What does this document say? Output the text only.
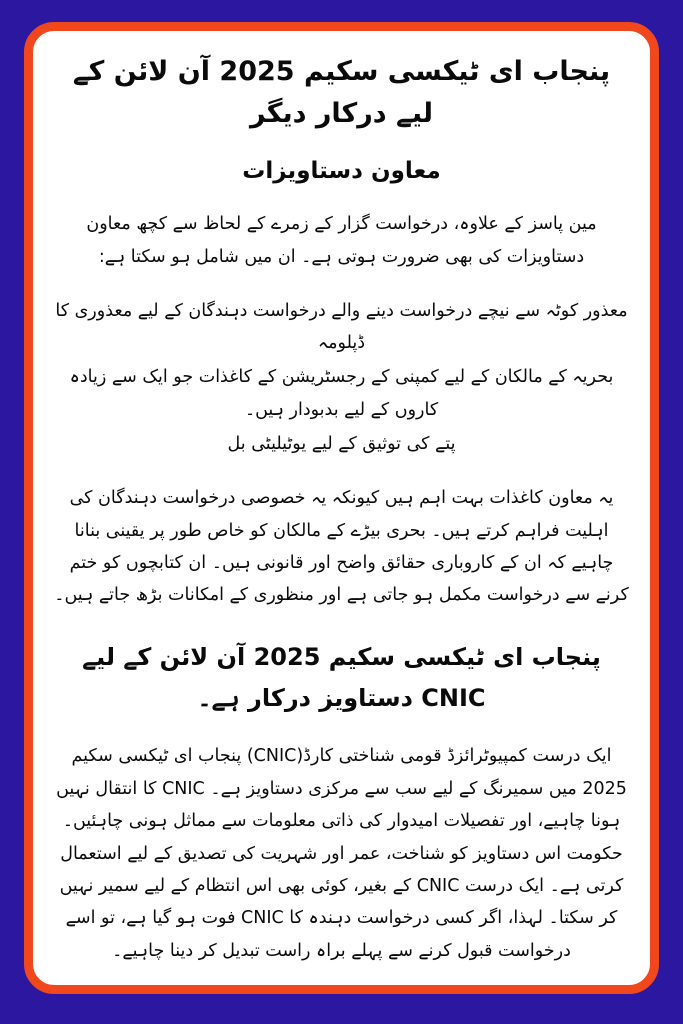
پنجاب ای ٹیکسی سکیم 2025 آن لائن کے لیے درکار دیگر
معاون دستاویزات

مین پاسز کے علاوہ، درخواست گزار کے زمرے کے لحاظ سے کچھ معاون دستاویزات کی بھی ضرورت ہوتی ہے۔ ان میں شامل ہو سکتا ہے:

معذور کوٹہ سے نیچے درخواست دینے والے درخواست دہندگان کے لیے معذوری کا ڈپلومہ
بحریہ کے مالکان کے لیے کمپنی کے رجسٹریشن کے کاغذات جو ایک سے زیادہ کاروں کے لیے بدبودار ہیں۔
پتے کی توثیق کے لیے یوٹیلیٹی بل

یہ معاون کاغذات بہت اہم ہیں کیونکہ یہ خصوصی درخواست دہندگان کی اہلیت فراہم کرتے ہیں۔ بحری بیڑے کے مالکان کو خاص طور پر یقینی بنانا چاہیے کہ ان کے کاروباری حقائق واضح اور قانونی ہیں۔ ان کتابچوں کو ختم کرنے سے درخواست مکمل ہو جاتی ہے اور منظوری کے امکانات بڑھ جاتے ہیں۔

پنجاب ای ٹیکسی سکیم 2025 آن لائن کے لیے CNIC دستاویز درکار ہے۔

ایک درست کمپیوٹرائزڈ قومی شناختی کارڈ(CNIC) پنجاب ای ٹیکسی سکیم 2025 میں سمیرنگ کے لیے سب سے مرکزی دستاویز ہے۔ CNIC کا انتقال نہیں ہونا چاہیے، اور تفصیلات امیدوار کی ذاتی معلومات سے مماثل ہونی چاہئیں۔ حکومت اس دستاویز کو شناخت، عمر اور شہریت کی تصدیق کے لیے استعمال کرتی ہے۔ ایک درست CNIC کے بغیر، کوئی بھی اس انتظام کے لیے سمیر نہیں کر سکتا۔ لہذا، اگر کسی درخواست دہندہ کا CNIC فوت ہو گیا ہے، تو اسے درخواست قبول کرنے سے پہلے براہ راست تبدیل کر دینا چاہیے۔
